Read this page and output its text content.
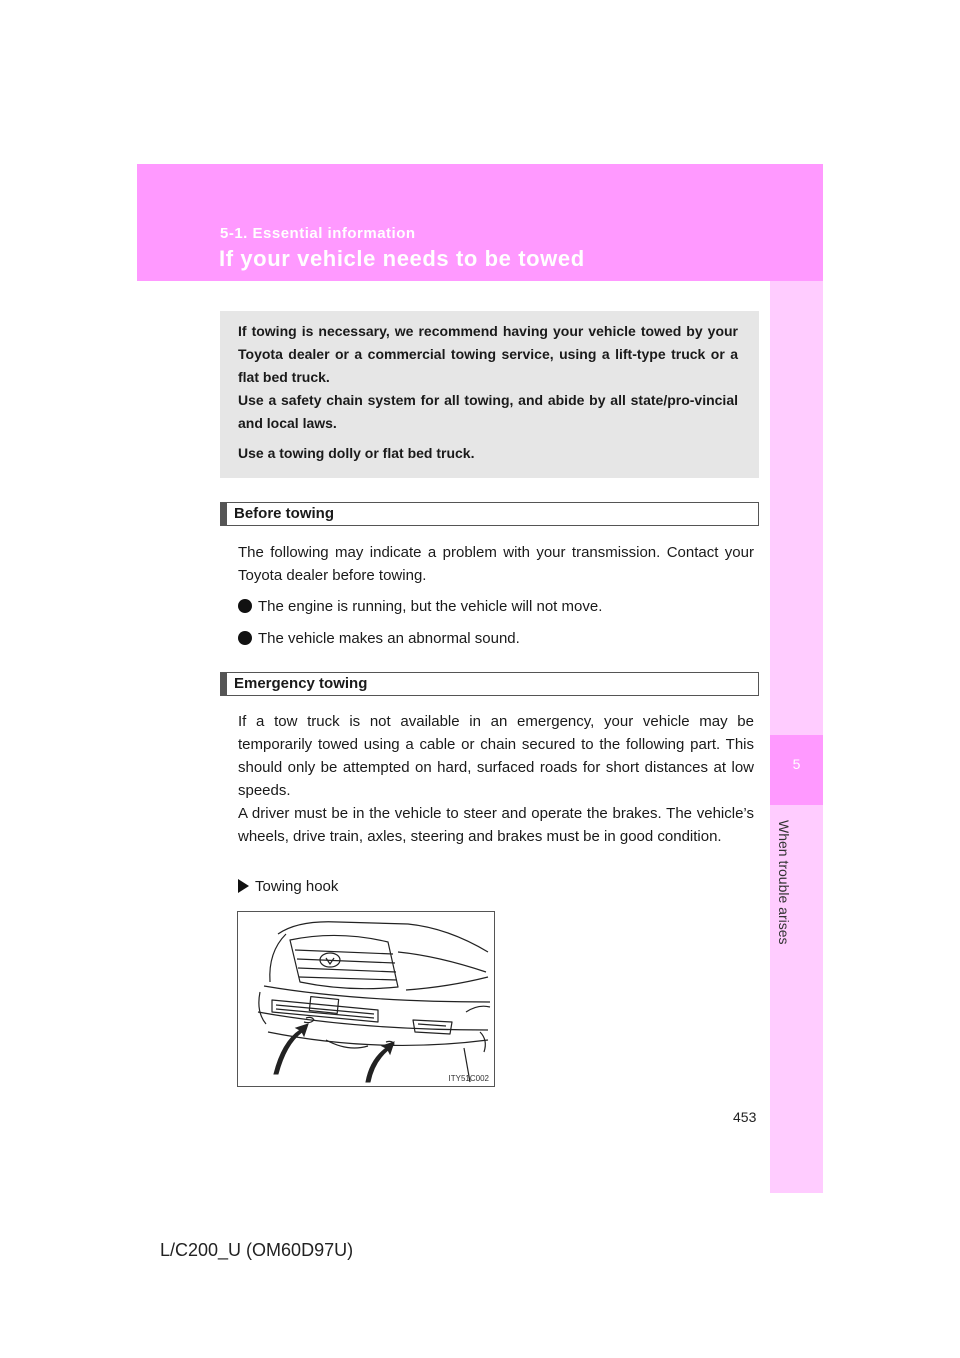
5-1. Essential information
If your vehicle needs to be towed
5
When trouble arises

If towing is necessary, we recommend having your vehicle towed by your Toyota dealer or a commercial towing service, using a lift-type truck or a flat bed truck.

Use a safety chain system for all towing, and abide by all state/pro-vincial and local laws.

Use a towing dolly or flat bed truck.

Before towing

The following may indicate a problem with your transmission. Contact your Toyota dealer before towing.

The engine is running, but the vehicle will not move.
The vehicle makes an abnormal sound.
Emergency towing

If a tow truck is not available in an emergency, your vehicle may be temporarily towed using a cable or chain secured to the following part. This should only be attempted on hard, surfaced roads for short distances at low speeds.

A driver must be in the vehicle to steer and operate the brakes. The vehicle’s wheels, drive train, axles, steering and brakes must be in good condition.

Towing hook
ITY51C002
453
L/C200_U (OM60D97U)
